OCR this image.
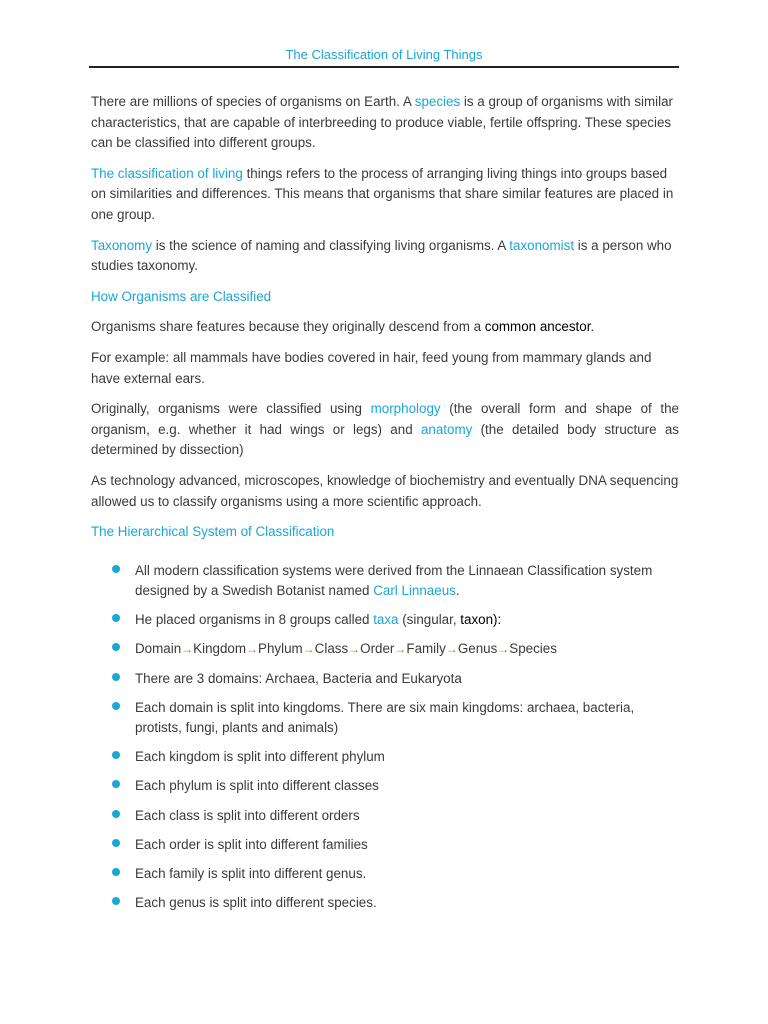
The Classification of Living Things

There are millions of species of organisms on Earth. A species is a group of organisms with similar characteristics, that are capable of interbreeding to produce viable, fertile offspring. These species can be classified into different groups.

The classification of living things refers to the process of arranging living things into groups based on similarities and differences. This means that organisms that share similar features are placed in one group.

Taxonomy is the science of naming and classifying living organisms. A taxonomist is a person who studies taxonomy.

How Organisms are Classified

Organisms share features because they originally descend from a common ancestor.

For example: all mammals have bodies covered in hair, feed young from mammary glands and have external ears.

Originally, organisms were classified using morphology (the overall form and shape of the organism, e.g. whether it had wings or legs) and anatomy (the detailed body structure as determined by dissection)

As technology advanced, microscopes, knowledge of biochemistry and eventually DNA sequencing allowed us to classify organisms using a more scientific approach.

The Hierarchical System of Classification
All modern classification systems were derived from the Linnaean Classification system designed by a Swedish Botanist named Carl Linnaeus.
He placed organisms in 8 groups called taxa (singular, taxon):
Domain→Kingdom→Phylum→Class→Order→Family→Genus→Species
There are 3 domains: Archaea, Bacteria and Eukaryota
Each domain is split into kingdoms. There are six main kingdoms: archaea, bacteria, protists, fungi, plants and animals)
Each kingdom is split into different phylum
Each phylum is split into different classes
Each class is split into different orders
Each order is split into different families
Each family is split into different genus.
Each genus is split into different species.
